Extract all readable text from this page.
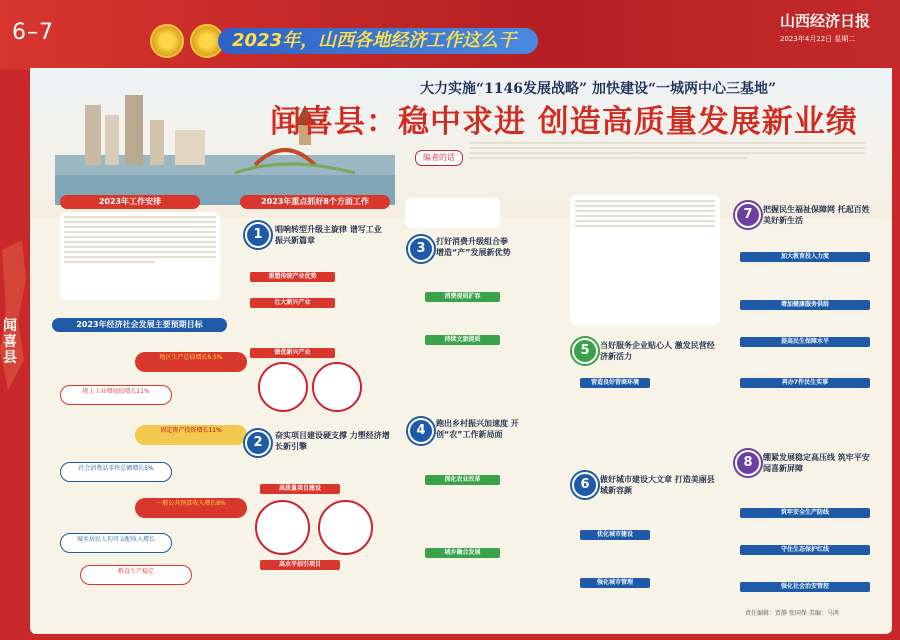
6–7	2023年，山西各地经济工作这么干
山西经济日报
2023年4月22日 星期二
大力实施“1146发展战略” 加快建设“一城两中心三基地”
闻喜县：稳中求进 创造高质量发展新业绩
编者的话
闻
喜
县
2023年工作安排
2023年经济社会发展主要预期目标
地区生产总值增长6.5%
规上工业增加值增长11%
固定资产投资增长11%
社会消费品零售总额增长5%
一般公共预算收入增长8%
城乡居民人均可支配收入增长
粮食生产稳定
2023年重点抓好8个方面工作
1	唱响转型升级主旋律 谱写工业振兴新篇章
重塑传统产业优势
壮大新兴产业
做优新兴产业
2	奋实项目建设硬支撑 力塑经济增长新引擎
高质量项目建设
高水平招引项目
3	打好消费升级组合拳 增造“产”发展新优势
消费提质扩容
持续文旅提质
4	跑出乡村振兴加速度 开创“农”工作新局面
深化农业改革
城乡融合发展
5	当好服务企业贴心人 激发民营经济新活力
营造良好营商环境
6	做好城市建设大文章 打造美丽县城新容颜
优化城市建设
强化城市管理
7	把握民生福祉保障网 托起百姓美好新生活
加大教育投入力度
增加健康服务供给
提高民生保障水平
再办7件民生实事
8	绷紧发展稳定高压线 筑牢平安闻喜新屏障
筑牢安全生产防线
守住生态保护红线
强化社会治安管控
责任编辑：贾静 张国保 美编：马鸿
